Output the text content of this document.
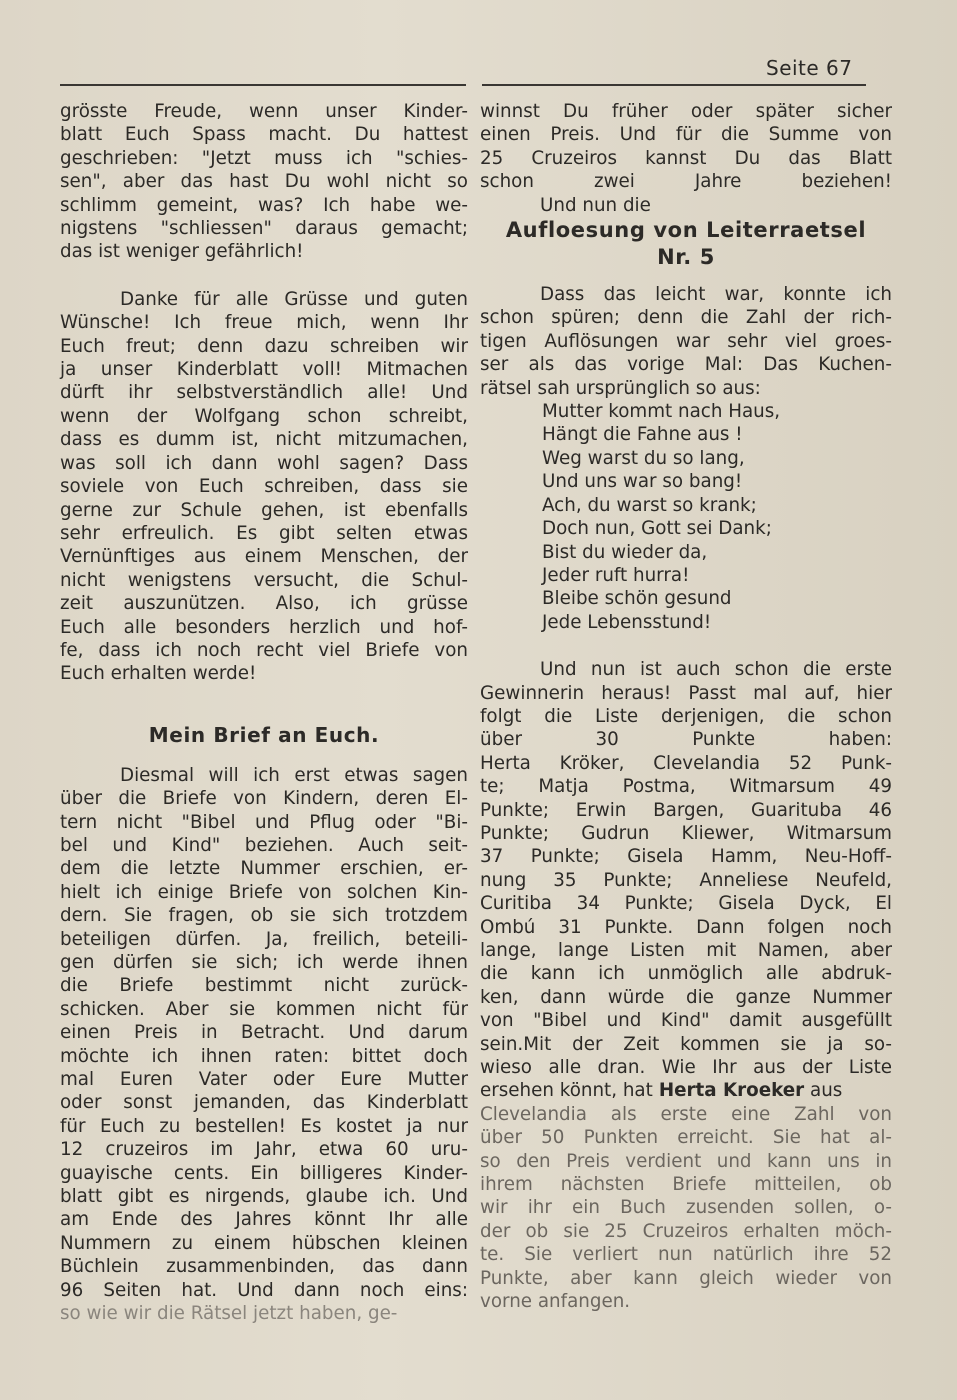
Seite 67
grösste Freude, wenn unser Kinder-
blatt Euch Spass macht. Du hattest
geschrieben: "Jetzt muss ich "schies-
sen", aber das hast Du wohl nicht so
schlimm gemeint, was? Ich habe we-
nigstens "schliessen" daraus gemacht;
das ist weniger gefährlich!
Danke für alle Grüsse und guten
Wünsche! Ich freue mich, wenn Ihr
Euch freut; denn dazu schreiben wir
ja unser Kinderblatt voll! Mitmachen
dürft ihr selbstverständlich alle! Und
wenn der Wolfgang schon schreibt,
dass es dumm ist, nicht mitzumachen,
was soll ich dann wohl sagen? Dass
soviele von Euch schreiben, dass sie
gerne zur Schule gehen, ist ebenfalls
sehr erfreulich. Es gibt selten etwas
Vernünftiges aus einem Menschen, der
nicht wenigstens versucht, die Schul-
zeit auszunützen. Also, ich grüsse
Euch alle besonders herzlich und hof-
fe, dass ich noch recht viel Briefe von
Euch erhalten werde!
Mein Brief an Euch.
Diesmal will ich erst etwas sagen
über die Briefe von Kindern, deren El-
tern nicht "Bibel und Pflug oder "Bi-
bel und Kind" beziehen. Auch seit-
dem die letzte Nummer erschien, er-
hielt ich einige Briefe von solchen Kin-
dern. Sie fragen, ob sie sich trotzdem
beteiligen dürfen. Ja, freilich, beteili-
gen dürfen sie sich; ich werde ihnen
die Briefe bestimmt nicht zurück-
schicken. Aber sie kommen nicht für
einen Preis in Betracht. Und darum
möchte ich ihnen raten: bittet doch
mal Euren Vater oder Eure Mutter
oder sonst jemanden, das Kinderblatt
für Euch zu bestellen! Es kostet ja nur
12 cruzeiros im Jahr, etwa 60 uru-
guayische cents. Ein billigeres Kinder-
blatt gibt es nirgends, glaube ich. Und
am Ende des Jahres könnt Ihr alle
Nummern zu einem hübschen kleinen
Büchlein zusammenbinden, das dann
96 Seiten hat. Und dann noch eins:
so wie wir die Rätsel jetzt haben, ge-
winnst Du früher oder später sicher
einen Preis. Und für die Summe von
25 Cruzeiros kannst Du das Blatt
schon zwei Jahre beziehen!
Und nun die
Aufloesung von Leiterraetsel
Nr. 5
Dass das leicht war, konnte ich
schon spüren; denn die Zahl der rich-
tigen Auflösungen war sehr viel groes-
ser als das vorige Mal: Das Kuchen-
rätsel sah ursprünglich so aus:
Mutter kommt nach Haus,
Hängt die Fahne aus !
Weg warst du so lang,
Und uns war so bang!
Ach, du warst so krank;
Doch nun, Gott sei Dank;
Bist du wieder da,
Jeder ruft hurra!
Bleibe schön gesund
Jede Lebensstund!
Und nun ist auch schon die erste
Gewinnerin heraus! Passt mal auf, hier
folgt die Liste derjenigen, die schon
über 30 Punkte haben:
Herta Kröker, Clevelandia 52 Punk-
te; Matja Postma, Witmarsum 49
Punkte; Erwin Bargen, Guarituba 46
Punkte; Gudrun Kliewer, Witmarsum
37 Punkte; Gisela Hamm, Neu-Hoff-
nung 35 Punkte; Anneliese Neufeld,
Curitiba 34 Punkte; Gisela Dyck, El
Ombú 31 Punkte. Dann folgen noch
lange, lange Listen mit Namen, aber
die kann ich unmöglich alle abdruk-
ken, dann würde die ganze Nummer
von "Bibel und Kind" damit ausgefüllt
sein.Mit der Zeit kommen sie ja so-
wieso alle dran. Wie Ihr aus der Liste
ersehen könnt, hat Herta Kroeker aus
Clevelandia als erste eine Zahl von
über 50 Punkten erreicht. Sie hat al-
so den Preis verdient und kann uns in
ihrem nächsten Briefe mitteilen, ob
wir ihr ein Buch zusenden sollen, o-
der ob sie 25 Cruzeiros erhalten möch-
te. Sie verliert nun natürlich ihre 52
Punkte, aber kann gleich wieder von
vorne anfangen.
